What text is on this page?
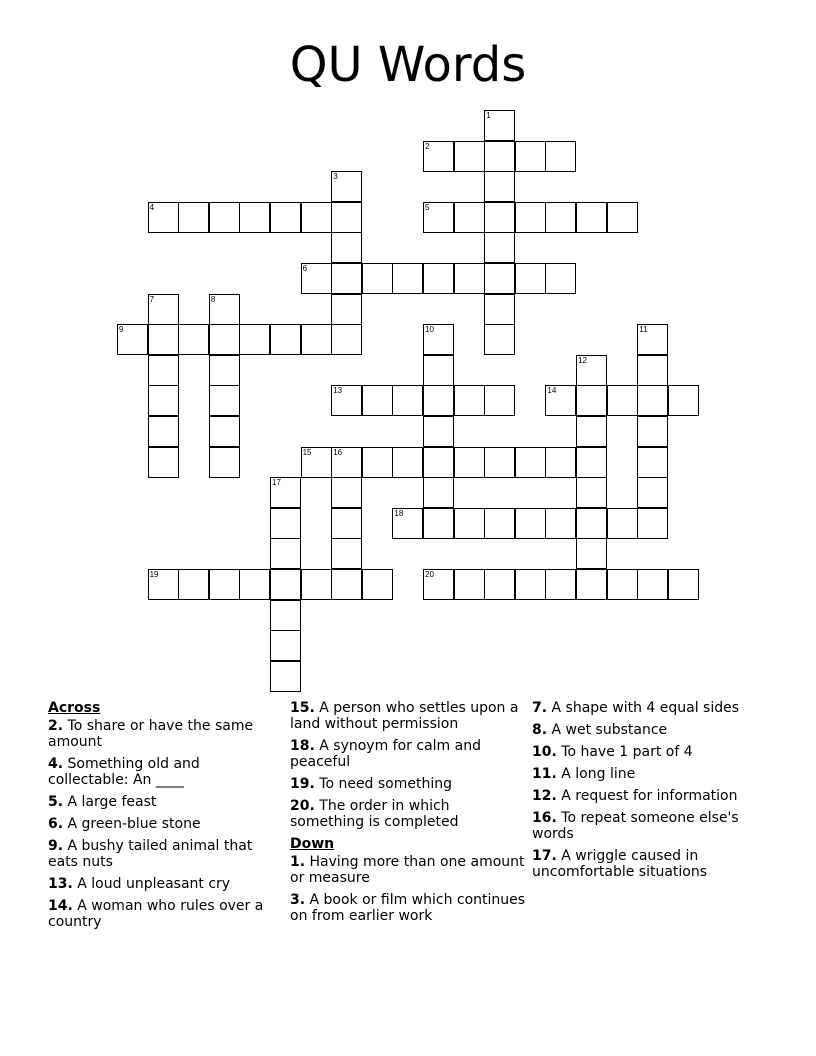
QU Words
1
2
3
4	5
6
7	8
9	10	11
12
13	14
15	16
17
18
19	20
Across
2. To share or have the same amount
4. Something old and collectable: An ____
5. A large feast
6. A green-blue stone
9. A bushy tailed animal that eats nuts
13. A loud unpleasant cry
14. A woman who rules over a country
15. A person who settles upon a land without permission
18. A synoym for calm and peaceful
19. To need something
20. The order in which something is completed
Down
1. Having more than one amount or measure
3. A book or film which continues on from earlier work
7. A shape with 4 equal sides
8. A wet substance
10. To have 1 part of 4
11. A long line
12. A request for information
16. To repeat someone else's words
17. A wriggle caused in uncomfortable situations
